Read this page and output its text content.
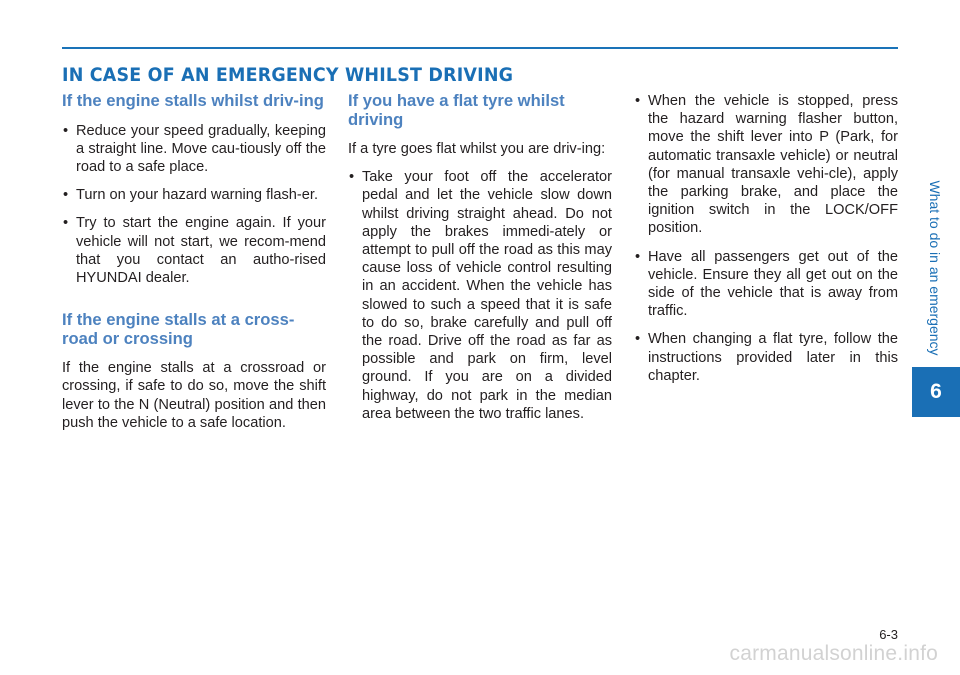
IN CASE OF AN EMERGENCY WHILST DRIVING
If the engine stalls whilst driv-ing
• Reduce your speed gradually, keeping a straight line. Move cau-tiously off the road to a safe place.
• Turn on your hazard warning flash-er.
• Try to start the engine again. If your vehicle will not start, we recom-mend that you contact an autho-rised HYUNDAI dealer.
If the engine stalls at a cross-road or crossing

If the engine stalls at a crossroad or crossing, if safe to do so, move the shift lever to the N (Neutral) position and then push the vehicle to a safe location.

If you have a flat tyre whilst driving

If a tyre goes flat whilst you are driv-ing:

• Take your foot off the accelerator pedal and let the vehicle slow down whilst driving straight ahead. Do not apply the brakes immedi-ately or attempt to pull off the road as this may cause loss of vehicle control resulting in an accident. When the vehicle has slowed to such a speed that it is safe to do so, brake carefully and pull off the road. Drive off the road as far as possible and park on firm, level ground. If you are on a divided highway, do not park in the median area between the two traffic lanes.
• When the vehicle is stopped, press the hazard warning flasher button, move the shift lever into P (Park, for automatic transaxle vehicle) or neutral (for manual transaxle vehi-cle), apply the parking brake, and place the ignition switch in the LOCK/OFF position.
• Have all passengers get out of the vehicle. Ensure they all get out on the side of the vehicle that is away from traffic.
• When changing a flat tyre, follow the instructions provided later in this chapter.
What to do in an emergency
6
6-3
carmanualsonline.info
